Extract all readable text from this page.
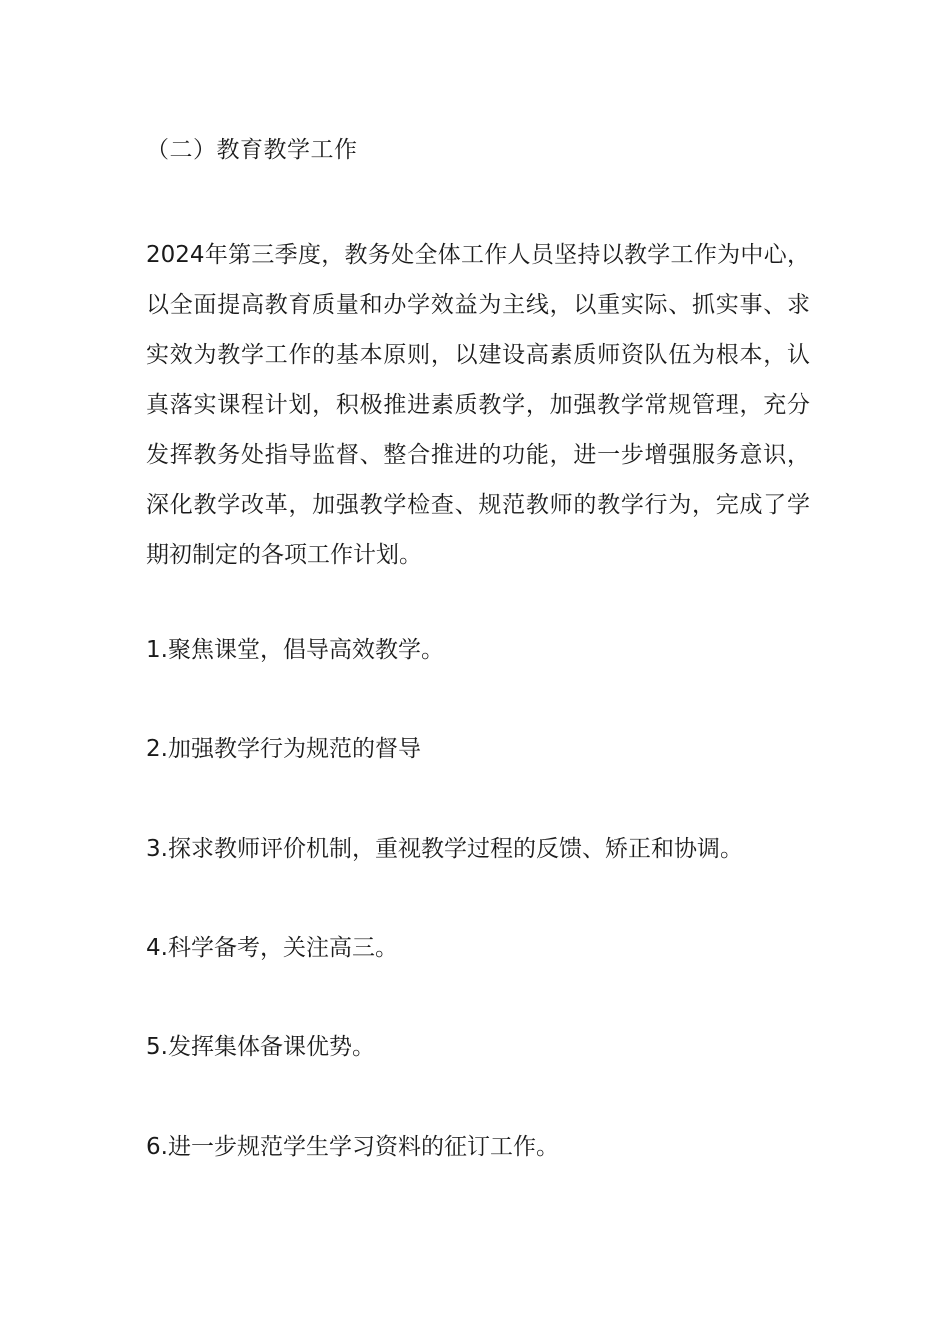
（二）教育教学工作

2024年第三季度，教务处全体工作人员坚持以教学工作为中心，以全面提高教育质量和办学效益为主线，以重实际、抓实事、求实效为教学工作的基本原则，以建设高素质师资队伍为根本，认真落实课程计划，积极推进素质教学，加强教学常规管理，充分发挥教务处指导监督、整合推进的功能，进一步增强服务意识，深化教学改革，加强教学检查、规范教师的教学行为，完成了学期初制定的各项工作计划。

1.聚焦课堂，倡导高效教学。
2.加强教学行为规范的督导
3.探求教师评价机制，重视教学过程的反馈、矫正和协调。
4.科学备考，关注高三。
5.发挥集体备课优势。
6.进一步规范学生学习资料的征订工作。
